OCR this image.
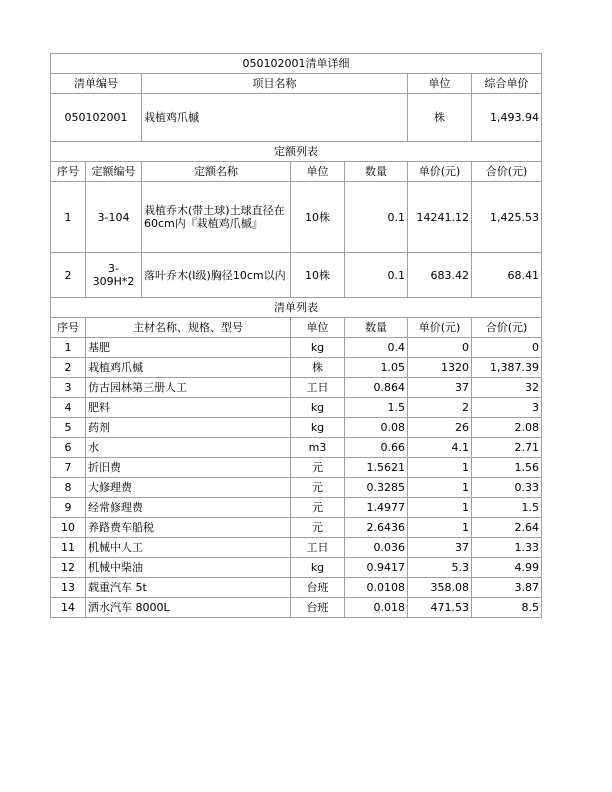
050102001清单详细						
清单编号		项目名称			单位	综合单价
050102001		栽植鸡爪槭			株	1,493.94
定额列表						
序号	定额编号	定额名称	单位	数量	单价(元)	合价(元)
1	3-104	栽植乔木(带土球)土球直径在60cm内『栽植鸡爪槭』	10株	0.1	14241.12	1,425.53
2	3-309H*2	落叶乔木(I级)胸径10cm以内	10株	0.1	683.42	68.41
清单列表						
序号	主材名称、规格、型号		单位	数量	单价(元)	合价(元)
1	基肥		kg	0.4	0	0
2	栽植鸡爪槭		株	1.05	1320	1,387.39
3	仿古园林第三册人工		工日	0.864	37	32
4	肥料		kg	1.5	2	3
5	药剂		kg	0.08	26	2.08
6	水		m3	0.66	4.1	2.71
7	折旧费		元	1.5621	1	1.56
8	大修理费		元	0.3285	1	0.33
9	经常修理费		元	1.4977	1	1.5
10	养路费车船税		元	2.6436	1	2.64
11	机械中人工		工日	0.036	37	1.33
12	机械中柴油		kg	0.9417	5.3	4.99
13	载重汽车 5t		台班	0.0108	358.08	3.87
14	洒水汽车 8000L		台班	0.018	471.53	8.5
